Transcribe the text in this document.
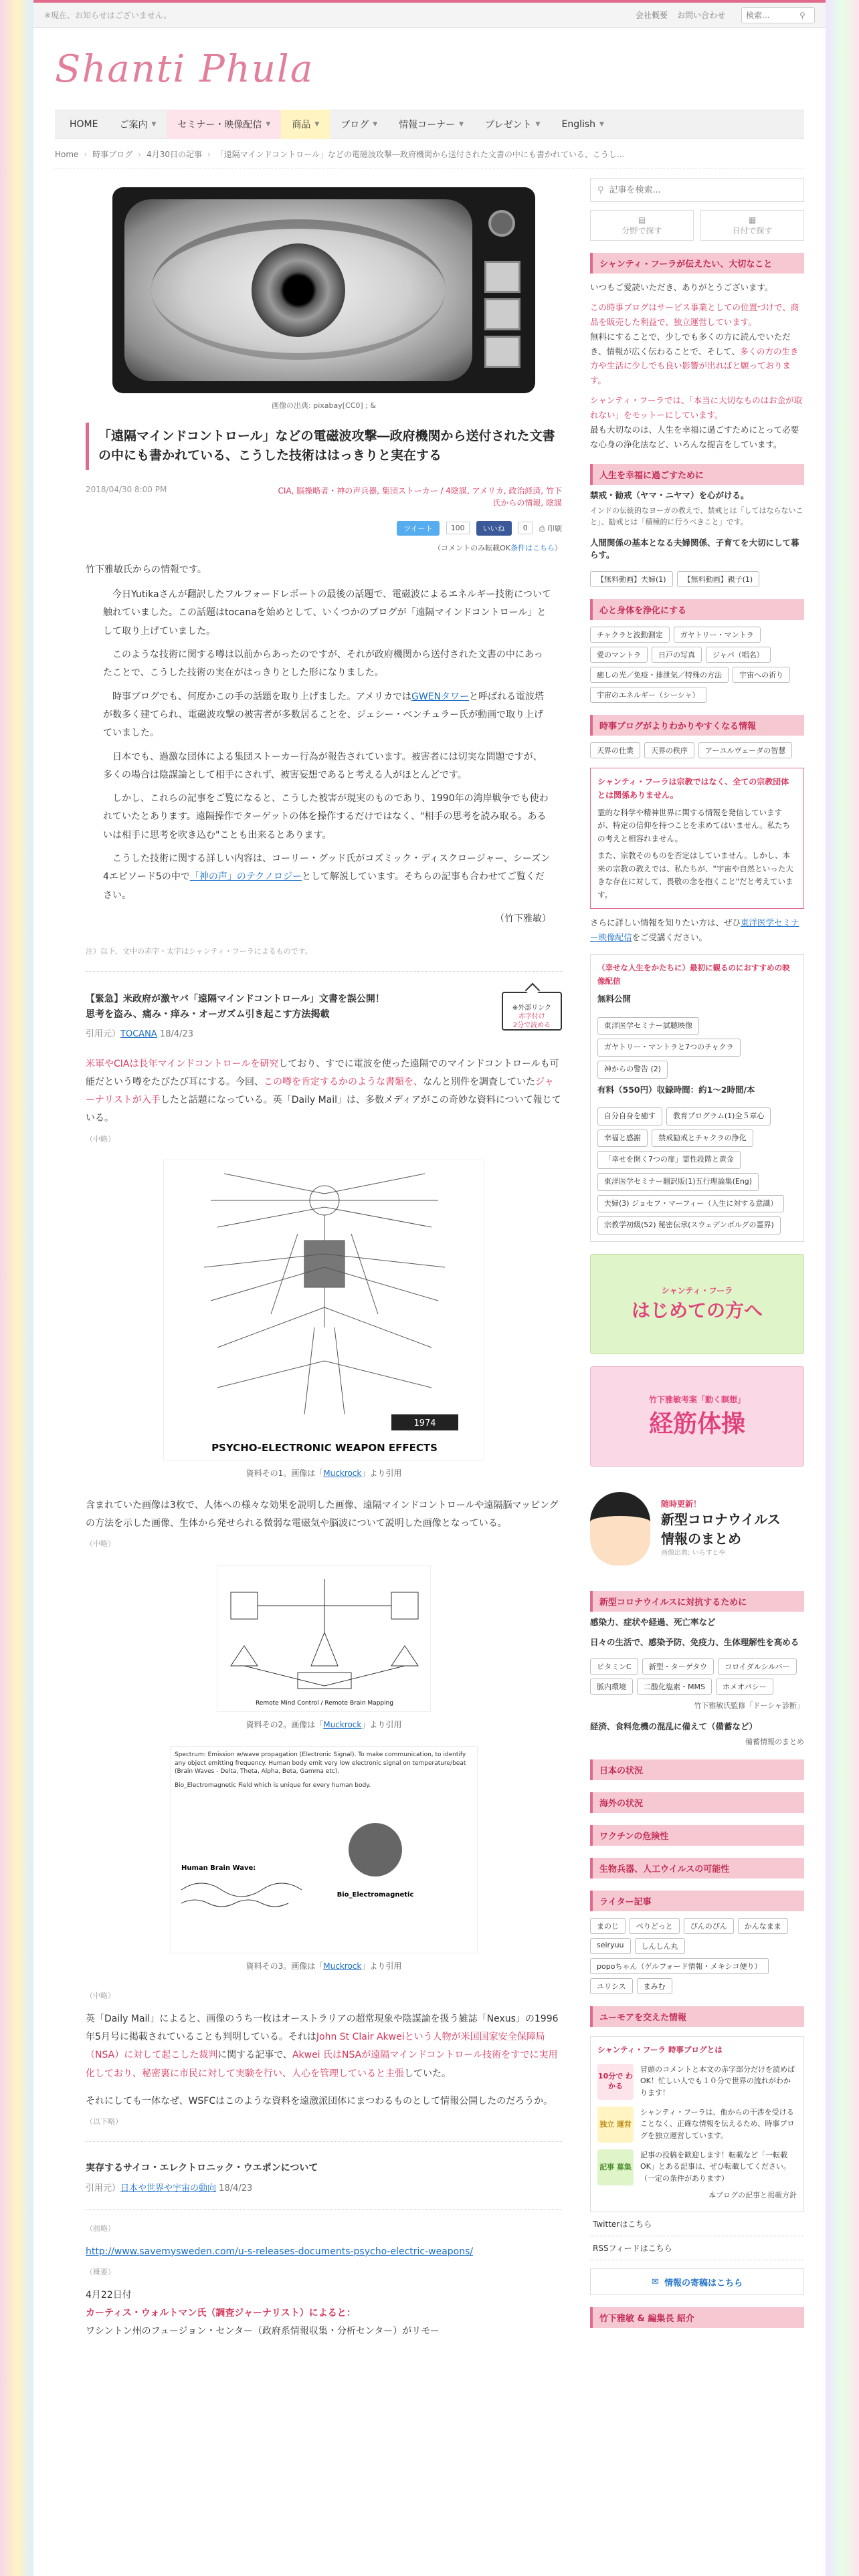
※現在、お知らせはございません。	会社概要 お問い合わせ
検索...	⚲
Shanti Phula
HOME ご案内 ▼ セミナー・映像配信 ▼ 商品 ▼ ブログ ▼ 情報コーナー ▼ プレゼント ▼ English ▼
Home › 時事ブログ › 4月30日の記事 › 「遠隔マインドコントロール」などの電磁波攻撃―政府機関から送付された文書の中にも書かれている、こうし...
画像の出典: pixabay[CC0] ; &
「遠隔マインドコントロール」などの電磁波攻撃―政府機関から送付された文書の中にも書かれている、こうした技術ははっきりと実在する
2018/04/30 8:00 PM	CIA, 脳操略者・神の声兵器, 集団ストーカー / 4陰謀, アメリカ, 政治経済, 竹下氏からの情報, 陰謀
ツイート	100	いいね	0	⎙ 印刷
（コメントのみ転載OK条件はこちら）

竹下雅敏氏からの情報です。

今日Yutikaさんが翻訳したフルフォードレポートの最後の話題で、電磁波によるエネルギー技術について触れていました。この話題はtocanaを始めとして、いくつかのブログが「遠隔マインドコントロール」として取り上げていました。

このような技術に関する噂は以前からあったのですが、それが政府機関から送付された文書の中にあったことで、こうした技術の実在がはっきりとした形になりました。

時事ブログでも、何度かこの手の話題を取り上げました。アメリカではGWENタワーと呼ばれる電波塔が数多く建てられ、電磁波攻撃の被害者が多数居ることを、ジェシー・ベンチュラー氏が動画で取り上げていました。

日本でも、過激な団体による集団ストーカー行為が報告されています。被害者には切実な問題ですが、多くの場合は陰謀論として相手にされず、被害妄想であると考える人がほとんどです。

しかし、これらの記事をご覧になると、こうした被害が現実のものであり、1990年の湾岸戦争でも使われていたとあります。遠隔操作でターゲットの体を操作するだけではなく、"相手の思考を読み取る。あるいは相手に思考を吹き込む"ことも出来るとあります。

こうした技術に関する詳しい内容は、コーリー・グッド氏がコズミック・ディスクロージャー、シーズン4エピソード5の中で「神の声」のテクノロジーとして解説しています。そちらの記事も合わせてご覧ください。

（竹下雅敏）
注）以下、文中の赤字・太字はシャンティ・フーラによるものです。
【緊急】米政府が激ヤバ「遠隔マインドコントロール」文書を誤公開！
思考を盗み、痛み・痒み・オーガズム引き起こす方法掲載
引用元）TOCANA 18/4/23
※外部リンク
赤字付け
2分で読める

米軍やCIAは長年マインドコントロールを研究しており、すでに電波を使った遠隔でのマインドコントロールも可能だという噂をたびたび耳にする。今回、この噂を肯定するかのような書類を、なんと別件を調査していたジャーナリストが入手したと話題になっている。英「Daily Mail」は、多数メディアがこの奇妙な資料について報じている。

（中略）
1974
PSYCHO-ELECTRONIC WEAPON EFFECTS
資料その1。画像は「Muckrock」より引用

含まれていた画像は3枚で、人体への様々な効果を説明した画像、遠隔マインドコントロールや遠隔脳マッピングの方法を示した画像、生体から発せられる微弱な電磁気や脳波について説明した画像となっている。

（中略）
Remote Mind Control / Remote Brain Mapping
資料その2。画像は「Muckrock」より引用
Spectrum: Emission w/wave propagation (Electronic Signal). To make communication, to identify any object emitting frequency. Human body emit very low electronic signal on temperature/beat (Brain Waves - Delta, Theta, Alpha, Beta, Gamma etc).
Bio_Electromagnetic Field which is unique for every human body.
Human Brain Wave:
Bio_Electromagnetic
資料その3。画像は「Muckrock」より引用
（中略）

英「Daily Mail」によると、画像のうち一枚はオーストラリアの超常現象や陰謀論を扱う雑誌「Nexus」の1996年5月号に掲載されていることも判明している。それはJohn St Clair Akweiという人物が米国国家安全保障局（NSA）に対して起こした裁判に関する記事で、Akwei 氏はNSAが遠隔マインドコントロール技術をすでに実用化しており、秘密裏に市民に対して実験を行い、人心を管理していると主張していた。

それにしても一体なぜ、WSFCはこのような資料を遠激派団体にまつわるものとして情報公開したのだろうか。

（以下略）
実存するサイコ・エレクトロニック・ウエポンについて
引用元）日本や世界や宇宙の動向 18/4/23
（前略）
http://www.savemysweden.com/u-s-releases-documents-psycho-electric-weapons/
（概要）

4月22日付

カーティス・ウォルトマン氏（調査ジャーナリスト）によると：

ワシントン州のフュージョン・センター（政府系情報収集・分析センター）がリモー

⚲
記事を検索...
▤
分野で探す
▦
日付で探す
シャンティ・フーラが伝えたい、大切なこと

いつもご愛読いただき、ありがとうございます。

この時事ブログはサービス事業としての位置づけで、商品を販売した利益で、独立運営しています。

無料にすることで、少しでも多くの方に読んでいただき、情報が広く伝わることで、そして、多くの方の生き方や生活に少しでも良い影響が出ればと願っております。

シャンティ・フーラでは、「本当に大切なものはお金が取れない」をモットーにしています。

最も大切なのは、人生を幸福に過ごすためにとって必要な心身の浄化法など、いろんな提言をしています。

人生を幸福に過ごすために
禁戒・勧戒（ヤマ・ニヤマ）を心がける。
インドの伝統的なヨーガの教えで、禁戒とは「してはならないこと」、勧戒とは「積極的に行うべきこと」です。
人間関係の基本となる夫婦関係、子育てを大切にして暮らす。
【無料動画】夫婦(1)	【無料動画】親子(1)
心と身体を浄化にする
チャクラと波動測定	ガヤトリー・マントラ
愛のマントラ	日戸の写真	ジャパ（唱名）
癒しの光／免疫・排泄気／特殊の方法	宇宙への祈り
宇宙のエネルギー（シーシャ）
時事ブログがよりわかりやすくなる情報
天界の仕業	天界の秩序	アーユルヴェーダの智慧

シャンティ・フーラは宗教ではなく、全ての宗教団体とは関係ありません。

霊的な科学や精神世界に関する情報を発信していますが、特定の信仰を持つことを求めてはいません。私たちの考えと相容れません。

また、宗教そのものを否定はしていません。しかし、本来の宗教の教えでは、私たちが、"宇宙や自然といった大きな存在に対して、畏敬の念を抱くこと"だと考えています。

さらに詳しい情報を知りたい方は、ぜひ東洋医学セミナー映像配信をご受講ください。
（幸せな人生をかたちに）最初に観るのにおすすめの映像配信
無料公開
東洋医学セミナー試聴映像
ガヤトリー・マントラと7つのチャクラ
神からの警告 (2)
有料（550円）収録時間：約1〜2時間/本
自分自身を癒す	教育プログラム(1)全５章心
幸福と感謝	禁戒勧戒とチャクラの浄化
「幸せを開く7つの扉」霊性段階と黄金
東洋医学セミナー翻訳版(1)五行理論集(Eng)
夫婦(3) ジョセフ・マーフィー（人生に対する意識）
宗教学初級(52) 秘密伝承(スウェデンボルグの霊界)
シャンティ・フーラ
はじめての方へ
竹下雅敏考案「動く瞑想」
経筋体操
随時更新！
新型コロナウイルス
情報のまとめ
画像出典: いらすとや
新型コロナウイルスに対抗するために
感染力、症状や経過、死亡率など
日々の生活で、感染予防、免疫力、生体理解性を高める
ビタミンC	新型・ターゲタウ	コロイダルシルバー
脈内環境	二酸化塩素・MMS	ホメオパシー
竹下雅敏氏監修「ドーシャ診断」
経済、食料危機の混乱に備えて（備蓄など）
備蓄情報のまとめ
日本の状況
海外の状況
ワクチンの危険性
生物兵器、人工ウイルスの可能性
ライター記事
まのじ	ぺりどっと	ぴんのぴん	かんなまま
seiryuu	しんしん丸
popoちゃん（ゲルフォード情報・メキシコ便り）
ユリシス	まみむ
ユーモアを交えた情報
シャンティ・フーラ 時事ブログとは
10分で わかる
冒頭のコメントと本文の赤字部分だけを読めばOK！忙しい人でも１０分で世界の流れがわかります！
独立 運営
シャンティ・フーラは、他からの干渉を受けることなく、正確な情報を伝えるため、時事ブログを独立運営しています。
記事 募集
記事の投稿を歓迎します！転載など「一転載OK」とある記事は、ぜひ転載してください。（一定の条件があります）
本ブログの記事と掲載方針
Twitterはこちら
RSSフィードはこちら
✉ 情報の寄稿はこちら
竹下雅敏 & 編集長 紹介
